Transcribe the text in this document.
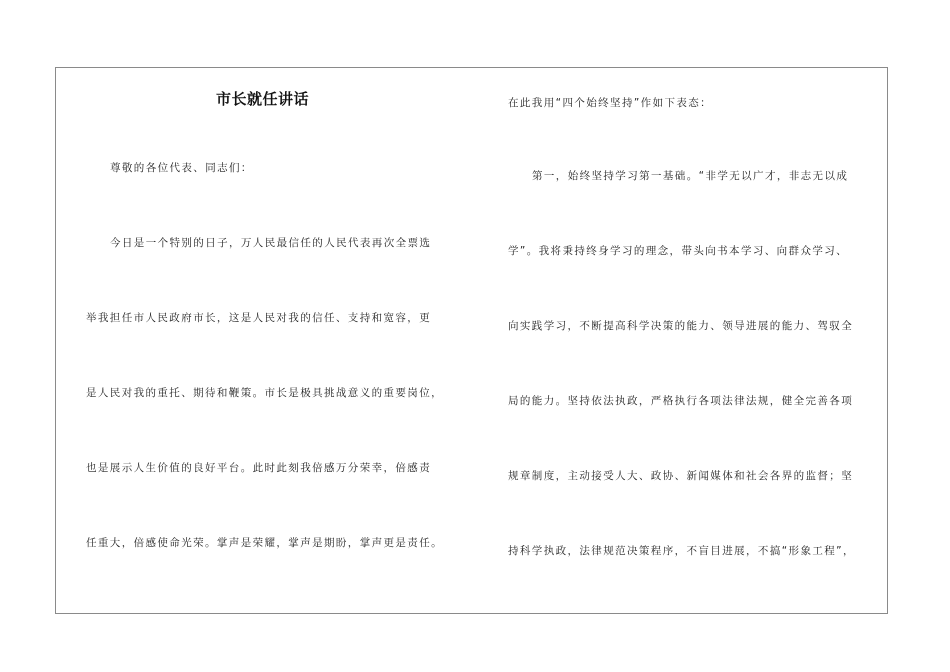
市长就任讲话
尊敬的各位代表、同志们：
今日是一个特别的日子，万人民最信任的人民代表再次全票选
举我担任市人民政府市长，这是人民对我的信任、支持和宽容，更
是人民对我的重托、期待和鞭策。市长是极具挑战意义的重要岗位，
也是展示人生价值的良好平台。此时此刻我倍感万分荣幸，倍感责
任重大，倍感使命光荣。掌声是荣耀，掌声是期盼，掌声更是责任。
在此我用“四个始终坚持”作如下表态：
第一，始终坚持学习第一基础。“非学无以广才，非志无以成
学”。我将秉持终身学习的理念，带头向书本学习、向群众学习、
向实践学习，不断提高科学决策的能力、领导进展的能力、驾驭全
局的能力。坚持依法执政，严格执行各项法律法规，健全完善各项
规章制度，主动接受人大、政协、新闻媒体和社会各界的监督；坚
持科学执政，法律规范决策程序，不盲目进展，不搞“形象工程”，
